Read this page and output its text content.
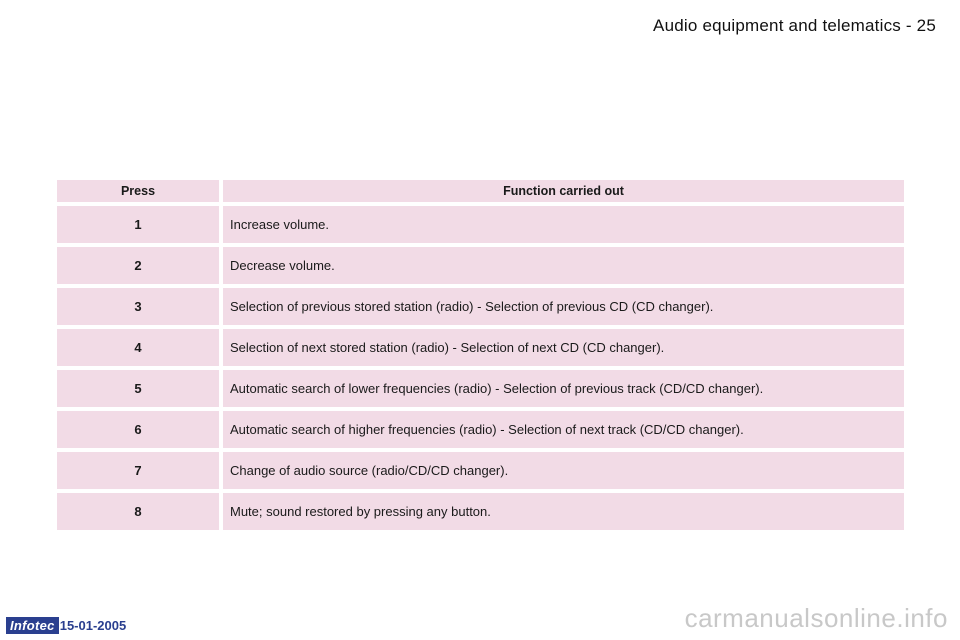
Audio equipment and telematics - 25
Press	Function carried out
1	Increase volume.
2	Decrease volume.
3	Selection of previous stored station (radio) - Selection of previous CD (CD changer).
4	Selection of next stored station (radio) - Selection of next CD (CD changer).
5	Automatic search of lower frequencies (radio) - Selection of previous track (CD/CD changer).
6	Automatic search of higher frequencies (radio) - Selection of next track (CD/CD changer).
7	Change of audio source (radio/CD/CD changer).
8	Mute; sound restored by pressing any button.
Infotec 15-01-2005	carmanualsonline.info
